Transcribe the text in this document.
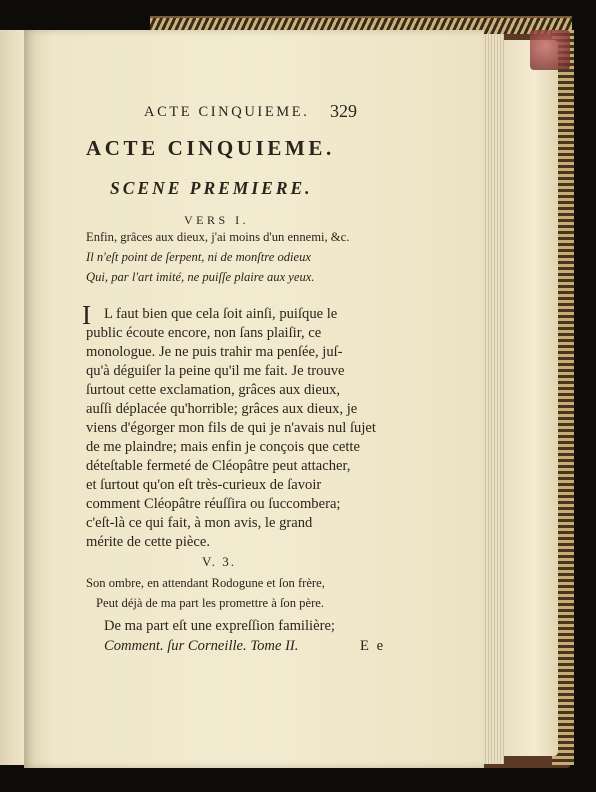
ACTE CINQUIEME. 329
ACTE CINQUIEME.
SCENE PREMIERE.
VERS I.
Enfin, grâces aux dieux, j'ai moins d'un ennemi, &c.
Il n'eſt point de ſerpent, ni de monſtre odieux
Qui, par l'art imité, ne puiſſe plaire aux yeux.
I L faut bien que cela ſoit ainſi, puiſque le
public écoute encore, non ſans plaiſir, ce
monologue. Je ne puis trahir ma penſée, juſ-
qu'à déguiſer la peine qu'il me fait. Je trouve
ſurtout cette exclamation, grâces aux dieux,
auſſi déplacée qu'horrible; grâces aux dieux, je
viens d'égorger mon fils de qui je n'avais nul ſujet
de me plaindre; mais enfin je conçois que cette
déteſtable fermeté de Cléopâtre peut attacher,
et ſurtout qu'on eſt très-curieux de ſavoir
comment Cléopâtre réuſſira ou ſuccombera;
c'eſt-là ce qui fait, à mon avis, le grand
mérite de cette pièce.
V. 3.
Son ombre, en attendant Rodogune et ſon frère,
Peut déjà de ma part les promettre à ſon père.
De ma part eſt une expreſſion familière;
Comment. ſur Corneille. Tome II.	E e
